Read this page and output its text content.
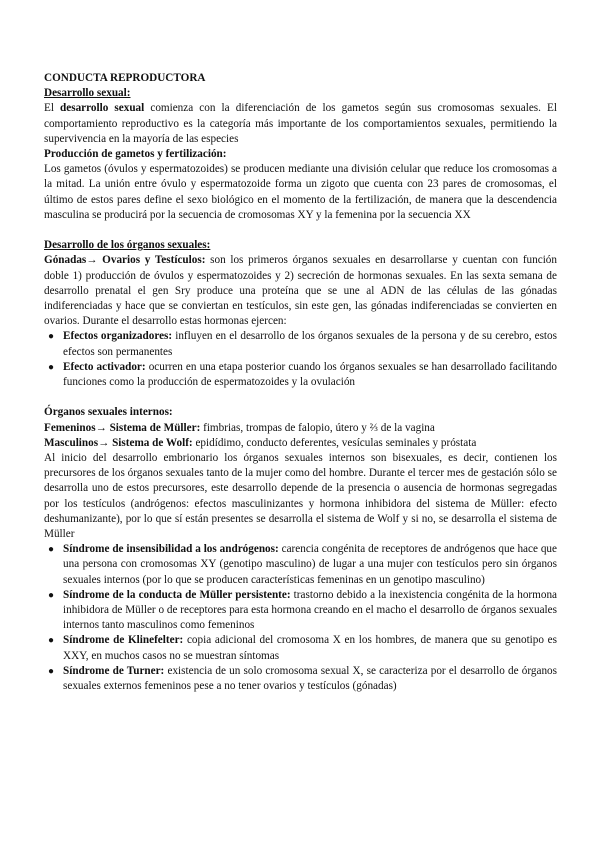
CONDUCTA REPRODUCTORA

Desarrollo sexual:

El desarrollo sexual comienza con la diferenciación de los gametos según sus cromosomas sexuales. El comportamiento reproductivo es la categoría más importante de los comportamientos sexuales, permitiendo la supervivencia en la mayoría de las especies

Producción de gametos y fertilización:

Los gametos (óvulos y espermatozoides) se producen mediante una división celular que reduce los cromosomas a la mitad. La unión entre óvulo y espermatozoide forma un zigoto que cuenta con 23 pares de cromosomas, el último de estos pares define el sexo biológico en el momento de la fertilización, de manera que la descendencia masculina se producirá por la secuencia de cromosomas XY y la femenina por la secuencia XX

Desarrollo de los órganos sexuales:

Gónadas→ Ovarios y Testículos: son los primeros órganos sexuales en desarrollarse y cuentan con función doble 1) producción de óvulos y espermatozoides y 2) secreción de hormonas sexuales. En las sexta semana de desarrollo prenatal el gen Sry produce una proteína que se une al ADN de las células de las gónadas indiferenciadas y hace que se conviertan en testículos, sin este gen, las gónadas indiferenciadas se convierten en ovarios. Durante el desarrollo estas hormonas ejercen:

● Efectos organizadores: influyen en el desarrollo de los órganos sexuales de la persona y de su cerebro, estos efectos son permanentes
● Efecto activador: ocurren en una etapa posterior cuando los órganos sexuales se han desarrollado facilitando funciones como la producción de espermatozoides y la ovulación

Órganos sexuales internos:

Femeninos→ Sistema de Müller: fimbrias, trompas de falopio, útero y ⅔ de la vagina

Masculinos→ Sistema de Wolf: epidídimo, conducto deferentes, vesículas seminales y próstata

Al inicio del desarrollo embrionario los órganos sexuales internos son bisexuales, es decir, contienen los precursores de los órganos sexuales tanto de la mujer como del hombre. Durante el tercer mes de gestación sólo se desarrolla uno de estos precursores, este desarrollo depende de la presencia o ausencia de hormonas segregadas por los testículos (andrógenos: efectos masculinizantes y hormona inhibidora del sistema de Müller: efecto deshumanizante), por lo que sí están presentes se desarrolla el sistema de Wolf y si no, se desarrolla el sistema de Müller

● Síndrome de insensibilidad a los andrógenos: carencia congénita de receptores de andrógenos que hace que una persona con cromosomas XY (genotipo masculino) de lugar a una mujer con testículos pero sin órganos sexuales internos (por lo que se producen características femeninas en un genotipo masculino)
● Síndrome de la conducta de Müller persistente: trastorno debido a la inexistencia congénita de la hormona inhibidora de Müller o de receptores para esta hormona creando en el macho el desarrollo de órganos sexuales internos tanto masculinos como femeninos
● Síndrome de Klinefelter: copia adicional del cromosoma X en los hombres, de manera que su genotipo es XXY, en muchos casos no se muestran síntomas
● Síndrome de Turner: existencia de un solo cromosoma sexual X, se caracteriza por el desarrollo de órganos sexuales externos femeninos pese a no tener ovarios y testículos (gónadas)
